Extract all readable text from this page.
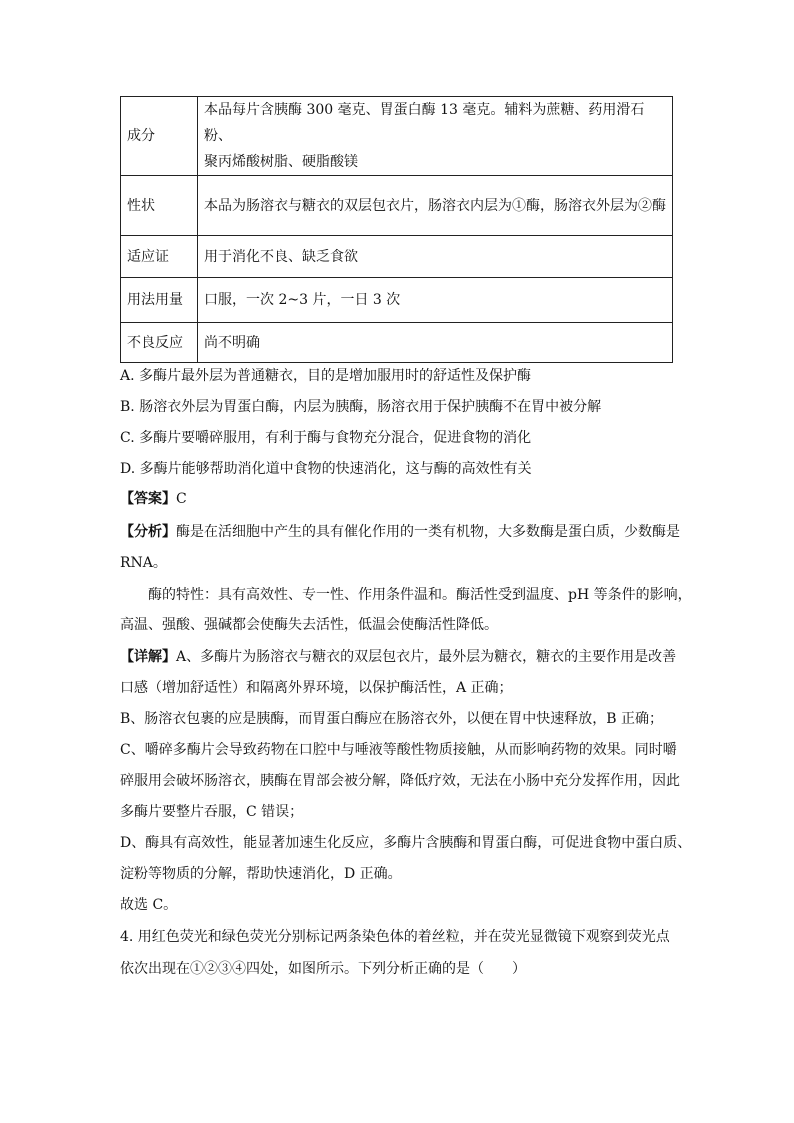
成分	本品每片含胰酶 300 毫克、胃蛋白酶 13 毫克。辅料为蔗糖、药用滑石粉、
聚丙烯酸树脂、硬脂酸镁

性状	本品为肠溶衣与糖衣的双层包衣片，肠溶衣内层为①酶，肠溶衣外层为②酶

适应证	用于消化不良、缺乏食欲

用法用量	口服，一次 2~3 片，一日 3 次

不良反应	尚不明确
A. 多酶片最外层为普通糖衣，目的是增加服用时的舒适性及保护酶
B. 肠溶衣外层为胃蛋白酶，内层为胰酶，肠溶衣用于保护胰酶不在胃中被分解
C. 多酶片要嚼碎服用，有利于酶与食物充分混合，促进食物的消化
D. 多酶片能够帮助消化道中食物的快速消化，这与酶的高效性有关
【答案】C
【分析】酶是在活细胞中产生的具有催化作用的一类有机物，大多数酶是蛋白质，少数酶是
RNA。
酶的特性：具有高效性、专一性、作用条件温和。酶活性受到温度、pH 等条件的影响，
高温、强酸、强碱都会使酶失去活性，低温会使酶活性降低。
【详解】A、多酶片为肠溶衣与糖衣的双层包衣片，最外层为糖衣，糖衣的主要作用是改善
口感（增加舒适性）和隔离外界环境，以保护酶活性，A 正确；
B、肠溶衣包裹的应是胰酶，而胃蛋白酶应在肠溶衣外，以便在胃中快速释放，B 正确；
C、嚼碎多酶片会导致药物在口腔中与唾液等酸性物质接触，从而影响药物的效果。同时嚼
碎服用会破坏肠溶衣，胰酶在胃部会被分解，降低疗效，无法在小肠中充分发挥作用，因此
多酶片要整片吞服，C 错误；
D、酶具有高效性，能显著加速生化反应，多酶片含胰酶和胃蛋白酶，可促进食物中蛋白质、
淀粉等物质的分解，帮助快速消化，D 正确。
故选 C。
4. 用红色荧光和绿色荧光分别标记两条染色体的着丝粒，并在荧光显微镜下观察到荧光点
依次出现在①②③④四处，如图所示。下列分析正确的是（　　）
